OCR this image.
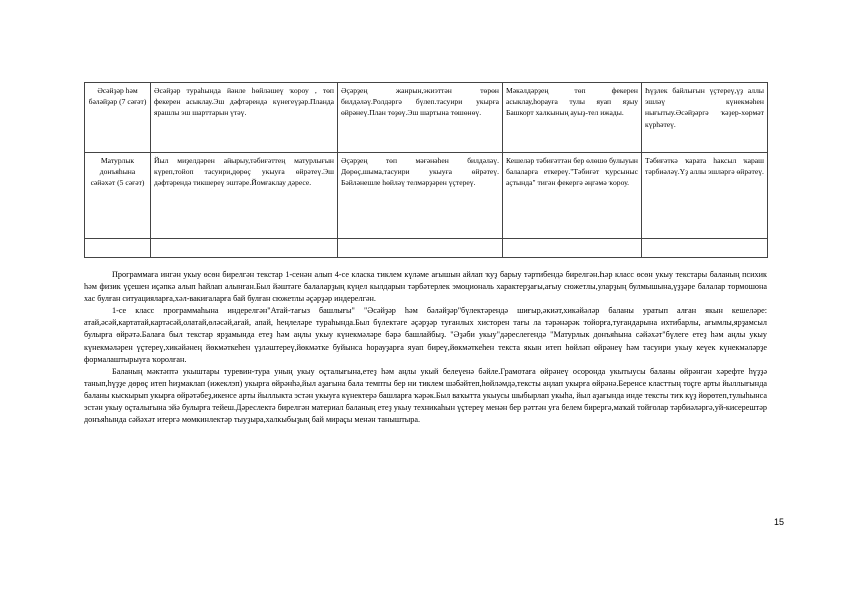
Әсәйҙәр һәм бәләйҙәр (7 сәғәт)	Әсәйҙәр тураһында йәнле һөйләшеү ҡороу , төп фекерен асыклау.Эш дәфтәрендә күнегеүҙәр.Пландa ярашлы эш шарттарын үтәү.	Әҫәрҙең жанрын,экиэттән төрөн билдәләү.Ролдәргә бүлеп.тасуири укырға өйрәнеү.План төҙөү.Эш шартына төшөнөү.	Мәкәлдәрҙең төп фекерен асыклау,һорауға тулы яуап яҙыу Башкорт халкының ауыҙ-тел ижады.	Һүҙлек байлығын үҫтереү,үҙ аллы эшләү күнекмәһен нығытыу.Әсәйҙәргә ҡәҙер-хөрмәт күрһәтеү.
Матурлык донъяһына сәйәхәт (5 сәғәт)	Йыл миҙелдәрен айырыу,тәбиғәттең матурлығын күреп,тойоп тасуири,дөрөҫ укыуға өйрәтеү.Эш дәфтәрендә тикшереү эштәре.Йомғаклау дәресе.	Әҫәрҙең төп мәғәнәһен билдәләү. Дөрөҫ,шыма,тасуири укыуға өйрәтеү. Бәйләнешле һөйләү телмәрҙәрен үҫтереү.	Кешеләр тәбиғәттән бер өлөшө булыуын балаларға еткереү."Тәбиғәт ҡурсыныс аҫтында" тигән фекергә әңгәмә ҡороу.	Тәбиғәткә ҡарата һаксыл ҡараш тәрбиәләү.Үҙ аллы эшләргә өйрәтеү.

Программаға ингән укыу өсөн бирелгән текстар 1-сенән алып 4-се класка тиклем күләме ағышын айлап ҡуҙ барыу тәртибендә бирелгән.Һәр класс өсөн укыу текстары баланың психик һәм физик үҫешен иҫәпкә алып һайлап алынған.Был йәштәге балаларҙың күңел кылдарын тәрбәтерлек эмоциональ характерҙағы,ағыу сюжетлы,уларҙың булмышына,үҙҙәре балалар тормошона хас булған ситуацияларға,хәл-вакиғаларға бай булған сюжетлы әҫәрҙәр индерелгән.

1-се класс программаһына индерелгән"Атай-тағыз башлығы" "Әсәйҙәр һәм бәләйҙәр"бүлектәрендә шиғыр,әкиәт,хикәйәләр баланы уратып алған якын кешеләре: атай,әсәй,картатай,картәсәй,олатай,өләсәй,ағай, апай, һеңлеләре тураһында.Был бүлектәге әҫәрҙәр туғанлых хисторен тағы ла тәрәнәрәк тойорға,туғандарына ихтибарлы, ағымлы,ярҙамсыл булырға өйрәтә.Балаға был текстар ярҙамында етеҙ һәм аңлы укыу күнекмәләре бәрә башлайбыҙ. "Әҙәби укыу"дәреслегендә "Матурлык донъяһына сәйәхәт"бүлеге етеҙ һәм аңлы укыу күнекмәләрен үҫтереү,хикәйәнең йөкмәткеһен үҙләштереү,йөкмәтке буйынса һорауҙарға яуап биреү,йөкмәткеһен текстa якын итеп һөйләп өйрәнеү һәм тасуири укыу кеүек күнекмәләрҙе формалаштырыуға ҡоролған.

Баланың мәктәптә укыштары туревин-тура уның укыу оҫталығына,етеҙ һәм аңлы укый белеүенә бәйле.Грамотаға өйрәнеү осоронда укытыусы баланы өйрәнгән хәрефте һүҙҙә танып,һүҙҙе дөрөҫ итеп һиҙмаклап (ижеклэп) укырға өйрәнһә,йыл аҙағына бала темпты бер ни тиклем шәбәйтеп,һөйләмдә,тексты аңлап укырға өйрәнә.Беренсе класттың тоҫге арты йыллығында баланы кыскырып укырға өйрәтәбеҙ,икенсе арты йыллыкта эстән укыуға күнектерә башларға ҡәрәк.Был ваҡытта укыусы шыбырлап укыһа, йыл аҙағында инде тексты тиҡ күҙ йөрөтеп,тулыһынса эстән укыу оҫталығына эйә булырға тейеш.Дәреслектә бирелгән материал баланың етеҙ укыу техникаһын үҫтереү менән бер рәттән уға белем бирергә,маҡай тойғолар тәрбиәләргә,уй-кисерештәр донъяһында сәйәхәт итергә мөмкинлектәр тыуҙыра,халкыбыҙың бай мираҫы менән таныштыра.

15
